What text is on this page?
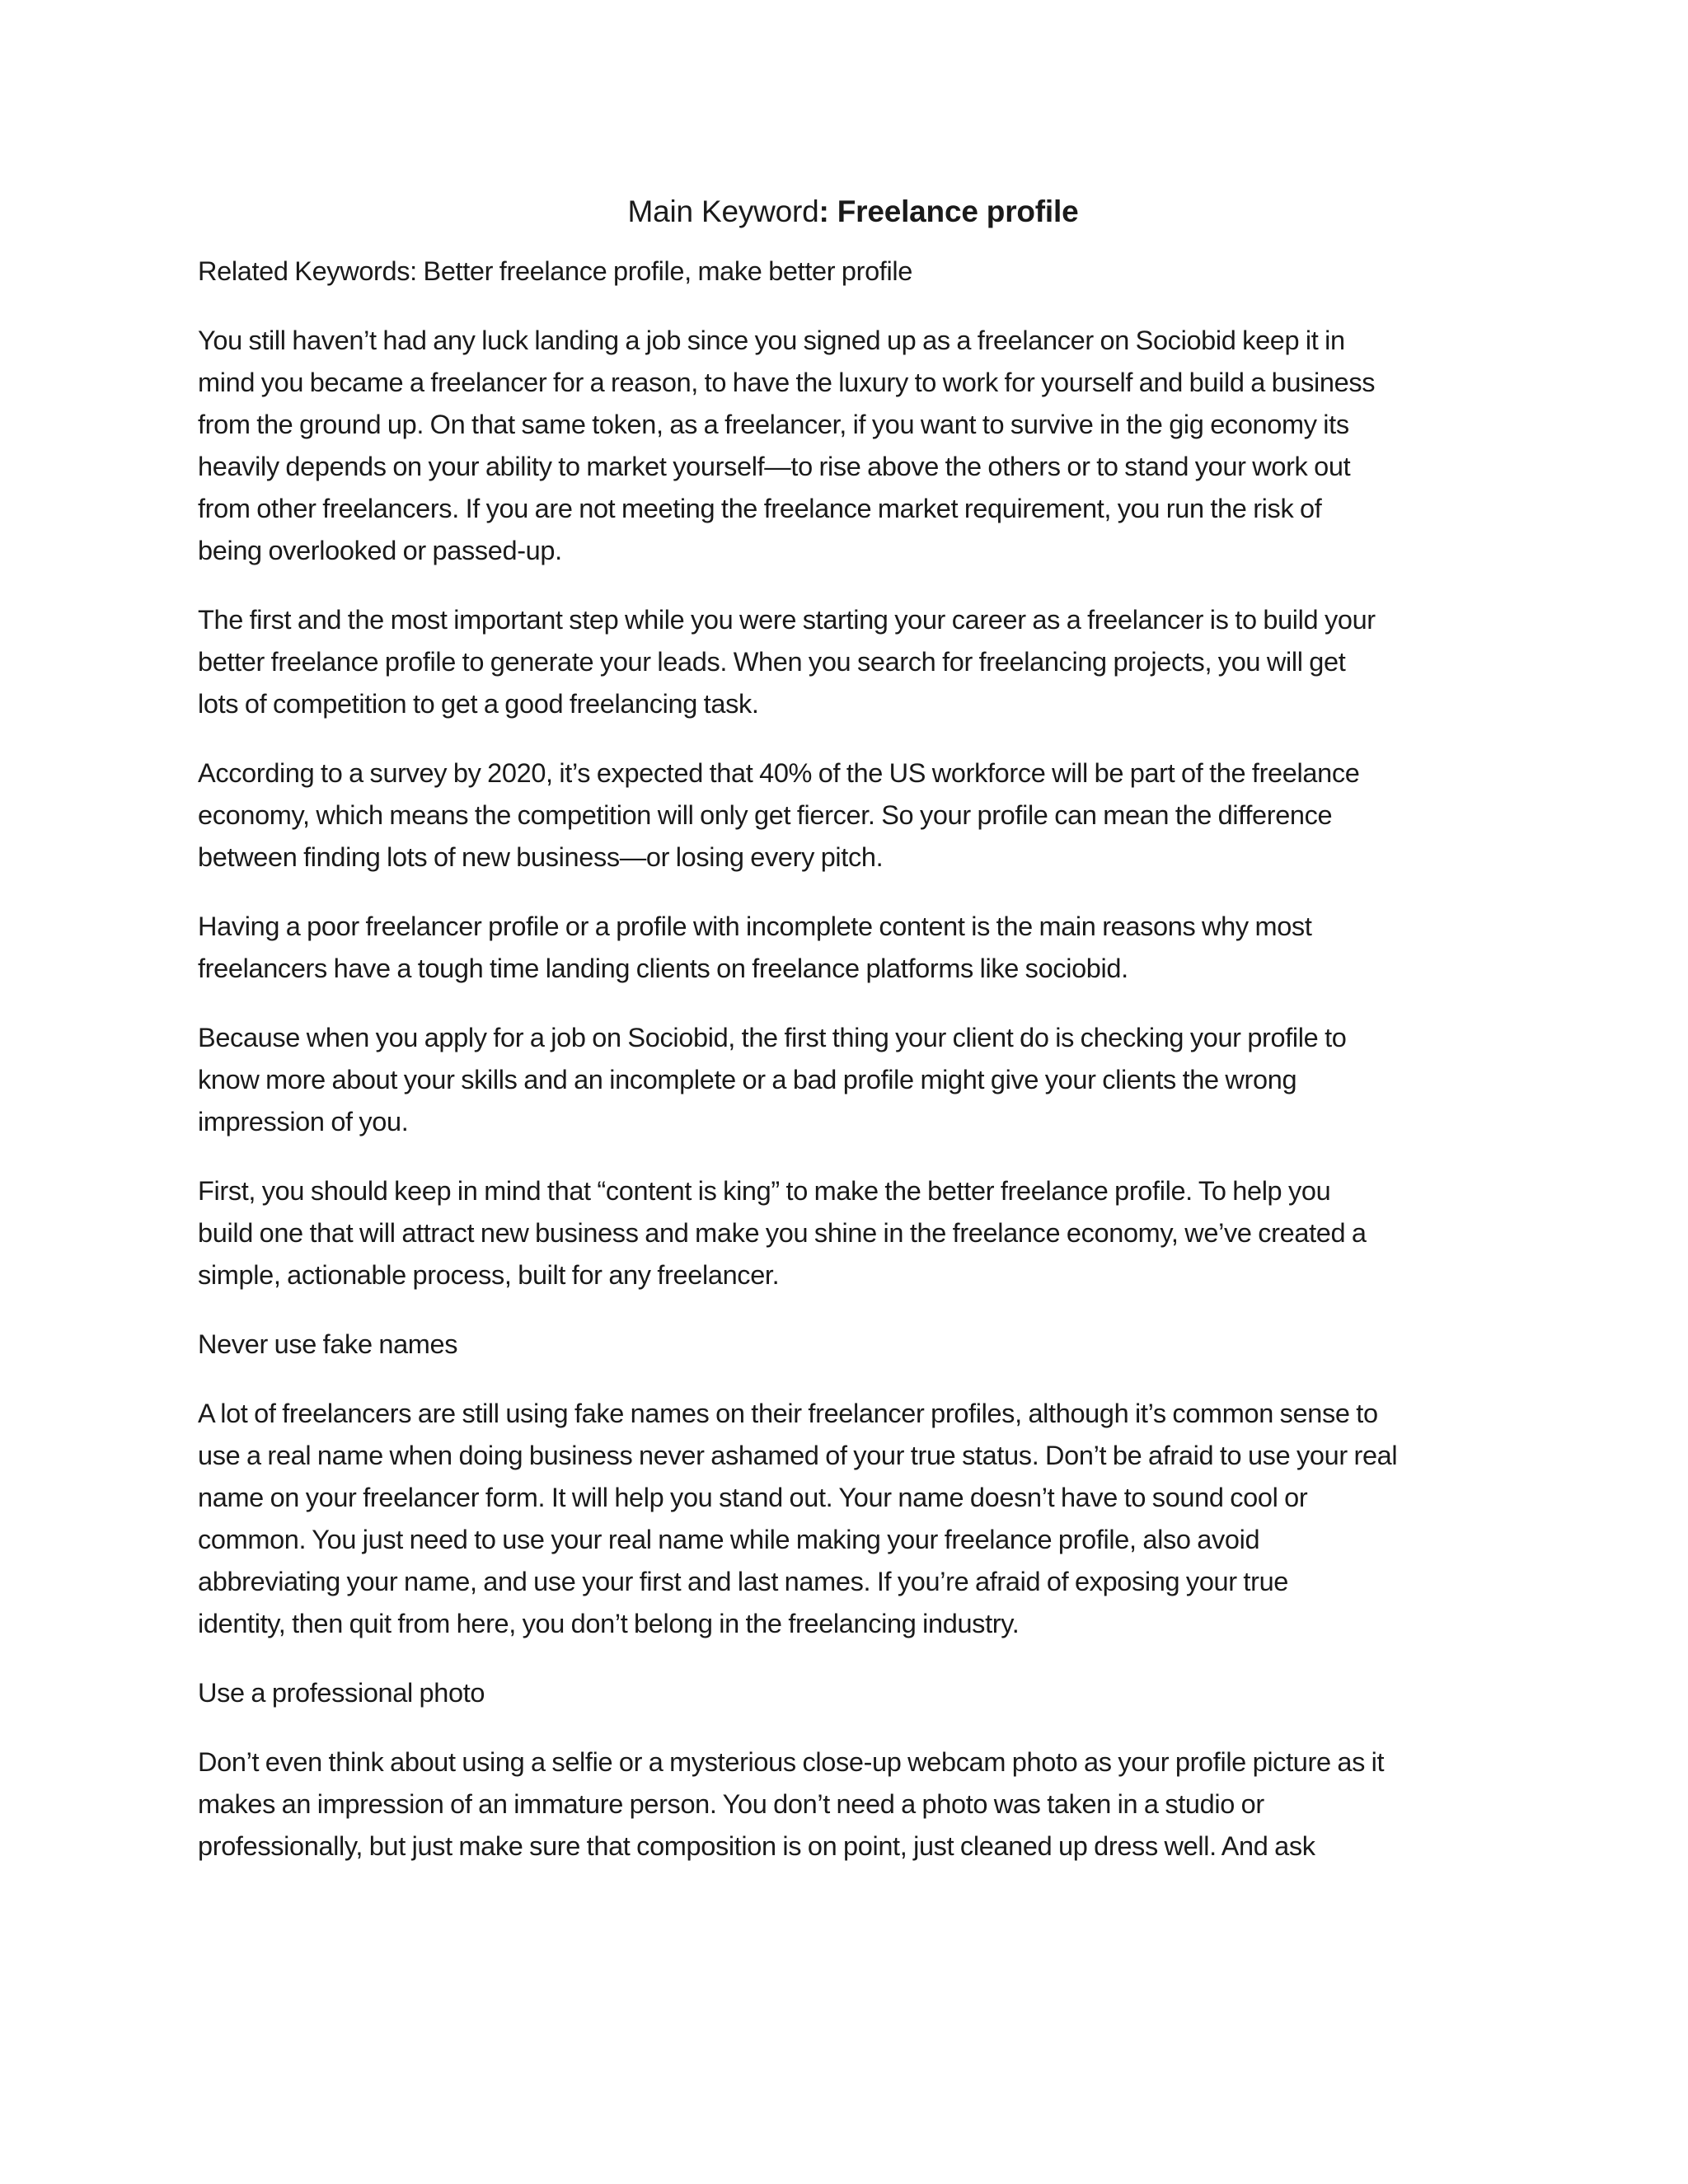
Main Keyword: Freelance profile

Related Keywords: Better freelance profile, make better profile

You still haven’t had any luck landing a job since you signed up as a freelancer on Sociobid keep it in
mind you became a freelancer for a reason, to have the luxury to work for yourself and build a business
from the ground up. On that same token, as a freelancer, if you want to survive in the gig economy its
heavily depends on your ability to market yourself—to rise above the others or to stand your work out
from other freelancers. If you are not meeting the freelance market requirement, you run the risk of
being overlooked or passed-up.

The first and the most important step while you were starting your career as a freelancer is to build your
better freelance profile to generate your leads. When you search for freelancing projects, you will get
lots of competition to get a good freelancing task.

According to a survey by 2020, it’s expected that 40% of the US workforce will be part of the freelance
economy, which means the competition will only get fiercer. So your profile can mean the difference
between finding lots of new business—or losing every pitch.

Having a poor freelancer profile or a profile with incomplete content is the main reasons why most
freelancers have a tough time landing clients on freelance platforms like sociobid.

Because when you apply for a job on Sociobid, the first thing your client do is checking your profile to
know more about your skills and an incomplete or a bad profile might give your clients the wrong
impression of you.

First, you should keep in mind that “content is king” to make the better freelance profile. To help you
build one that will attract new business and make you shine in the freelance economy, we’ve created a
simple, actionable process, built for any freelancer.

Never use fake names

A lot of freelancers are still using fake names on their freelancer profiles, although it’s common sense to
use a real name when doing business never ashamed of your true status. Don’t be afraid to use your real
name on your freelancer form. It will help you stand out. Your name doesn’t have to sound cool or
common. You just need to use your real name while making your freelance profile, also avoid
abbreviating your name, and use your first and last names. If you’re afraid of exposing your true
identity, then quit from here, you don’t belong in the freelancing industry.

Use a professional photo

Don’t even think about using a selfie or a mysterious close-up webcam photo as your profile picture as it
makes an impression of an immature person. You don’t need a photo was taken in a studio or
professionally, but just make sure that composition is on point, just cleaned up dress well. And ask
